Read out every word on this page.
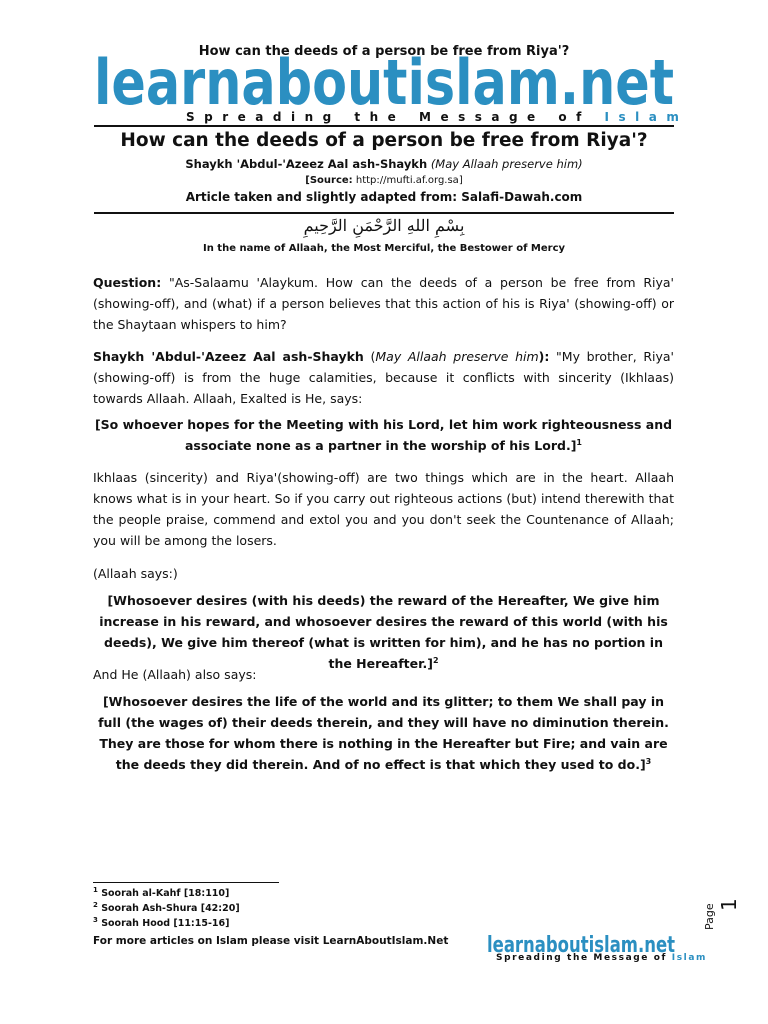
How can the deeds of a person be free from Riya'?
learnaboutislam.net
Spreading the Message of Islam
How can the deeds of a person be free from Riya'?
Shaykh 'Abdul-'Azeez Aal ash-Shaykh (May Allaah preserve him)
[Source: http://mufti.af.org.sa]
Article taken and slightly adapted from: Salafi-Dawah.com
بِسْمِ اللهِ الرَّحْمَنِ الرَّحِيمِ
In the name of Allaah, the Most Merciful, the Bestower of Mercy
Question: "As-Salaamu 'Alaykum. How can the deeds of a person be free from Riya' (showing-off), and (what) if a person believes that this action of his is Riya' (showing-off) or the Shaytaan whispers to him?
Shaykh 'Abdul-'Azeez Aal ash-Shaykh (May Allaah preserve him): "My brother, Riya' (showing-off) is from the huge calamities, because it conflicts with sincerity (Ikhlaas) towards Allaah. Allaah, Exalted is He, says:
[So whoever hopes for the Meeting with his Lord, let him work righteousness and associate none as a partner in the worship of his Lord.]$^1$
Ikhlaas (sincerity) and Riya'(showing-off) are two things which are in the heart. Allaah knows what is in your heart. So if you carry out righteous actions (but) intend therewith that the people praise, commend and extol you and you don't seek the Countenance of Allaah; you will be among the losers.
(Allaah says:)
[Whosoever desires (with his deeds) the reward of the Hereafter, We give him increase in his reward, and whosoever desires the reward of this world (with his deeds), We give him thereof (what is written for him), and he has no portion in the Hereafter.]$^2$
And He (Allaah) also says:
[Whosoever desires the life of the world and its glitter; to them We shall pay in full (the wages of) their deeds therein, and they will have no diminution therein. They are those for whom there is nothing in the Hereafter but Fire; and vain are the deeds they did therein. And of no effect is that which they used to do.]$^3$
$^1$ Soorah al-Kahf [18:110]
$^2$ Soorah Ash-Shura [42:20]
$^3$ Soorah Hood [11:15-16]
For more articles on Islam please visit LearnAboutIslam.Net learnaboutislam.net
Spreading the Message of Islam
Page 1
